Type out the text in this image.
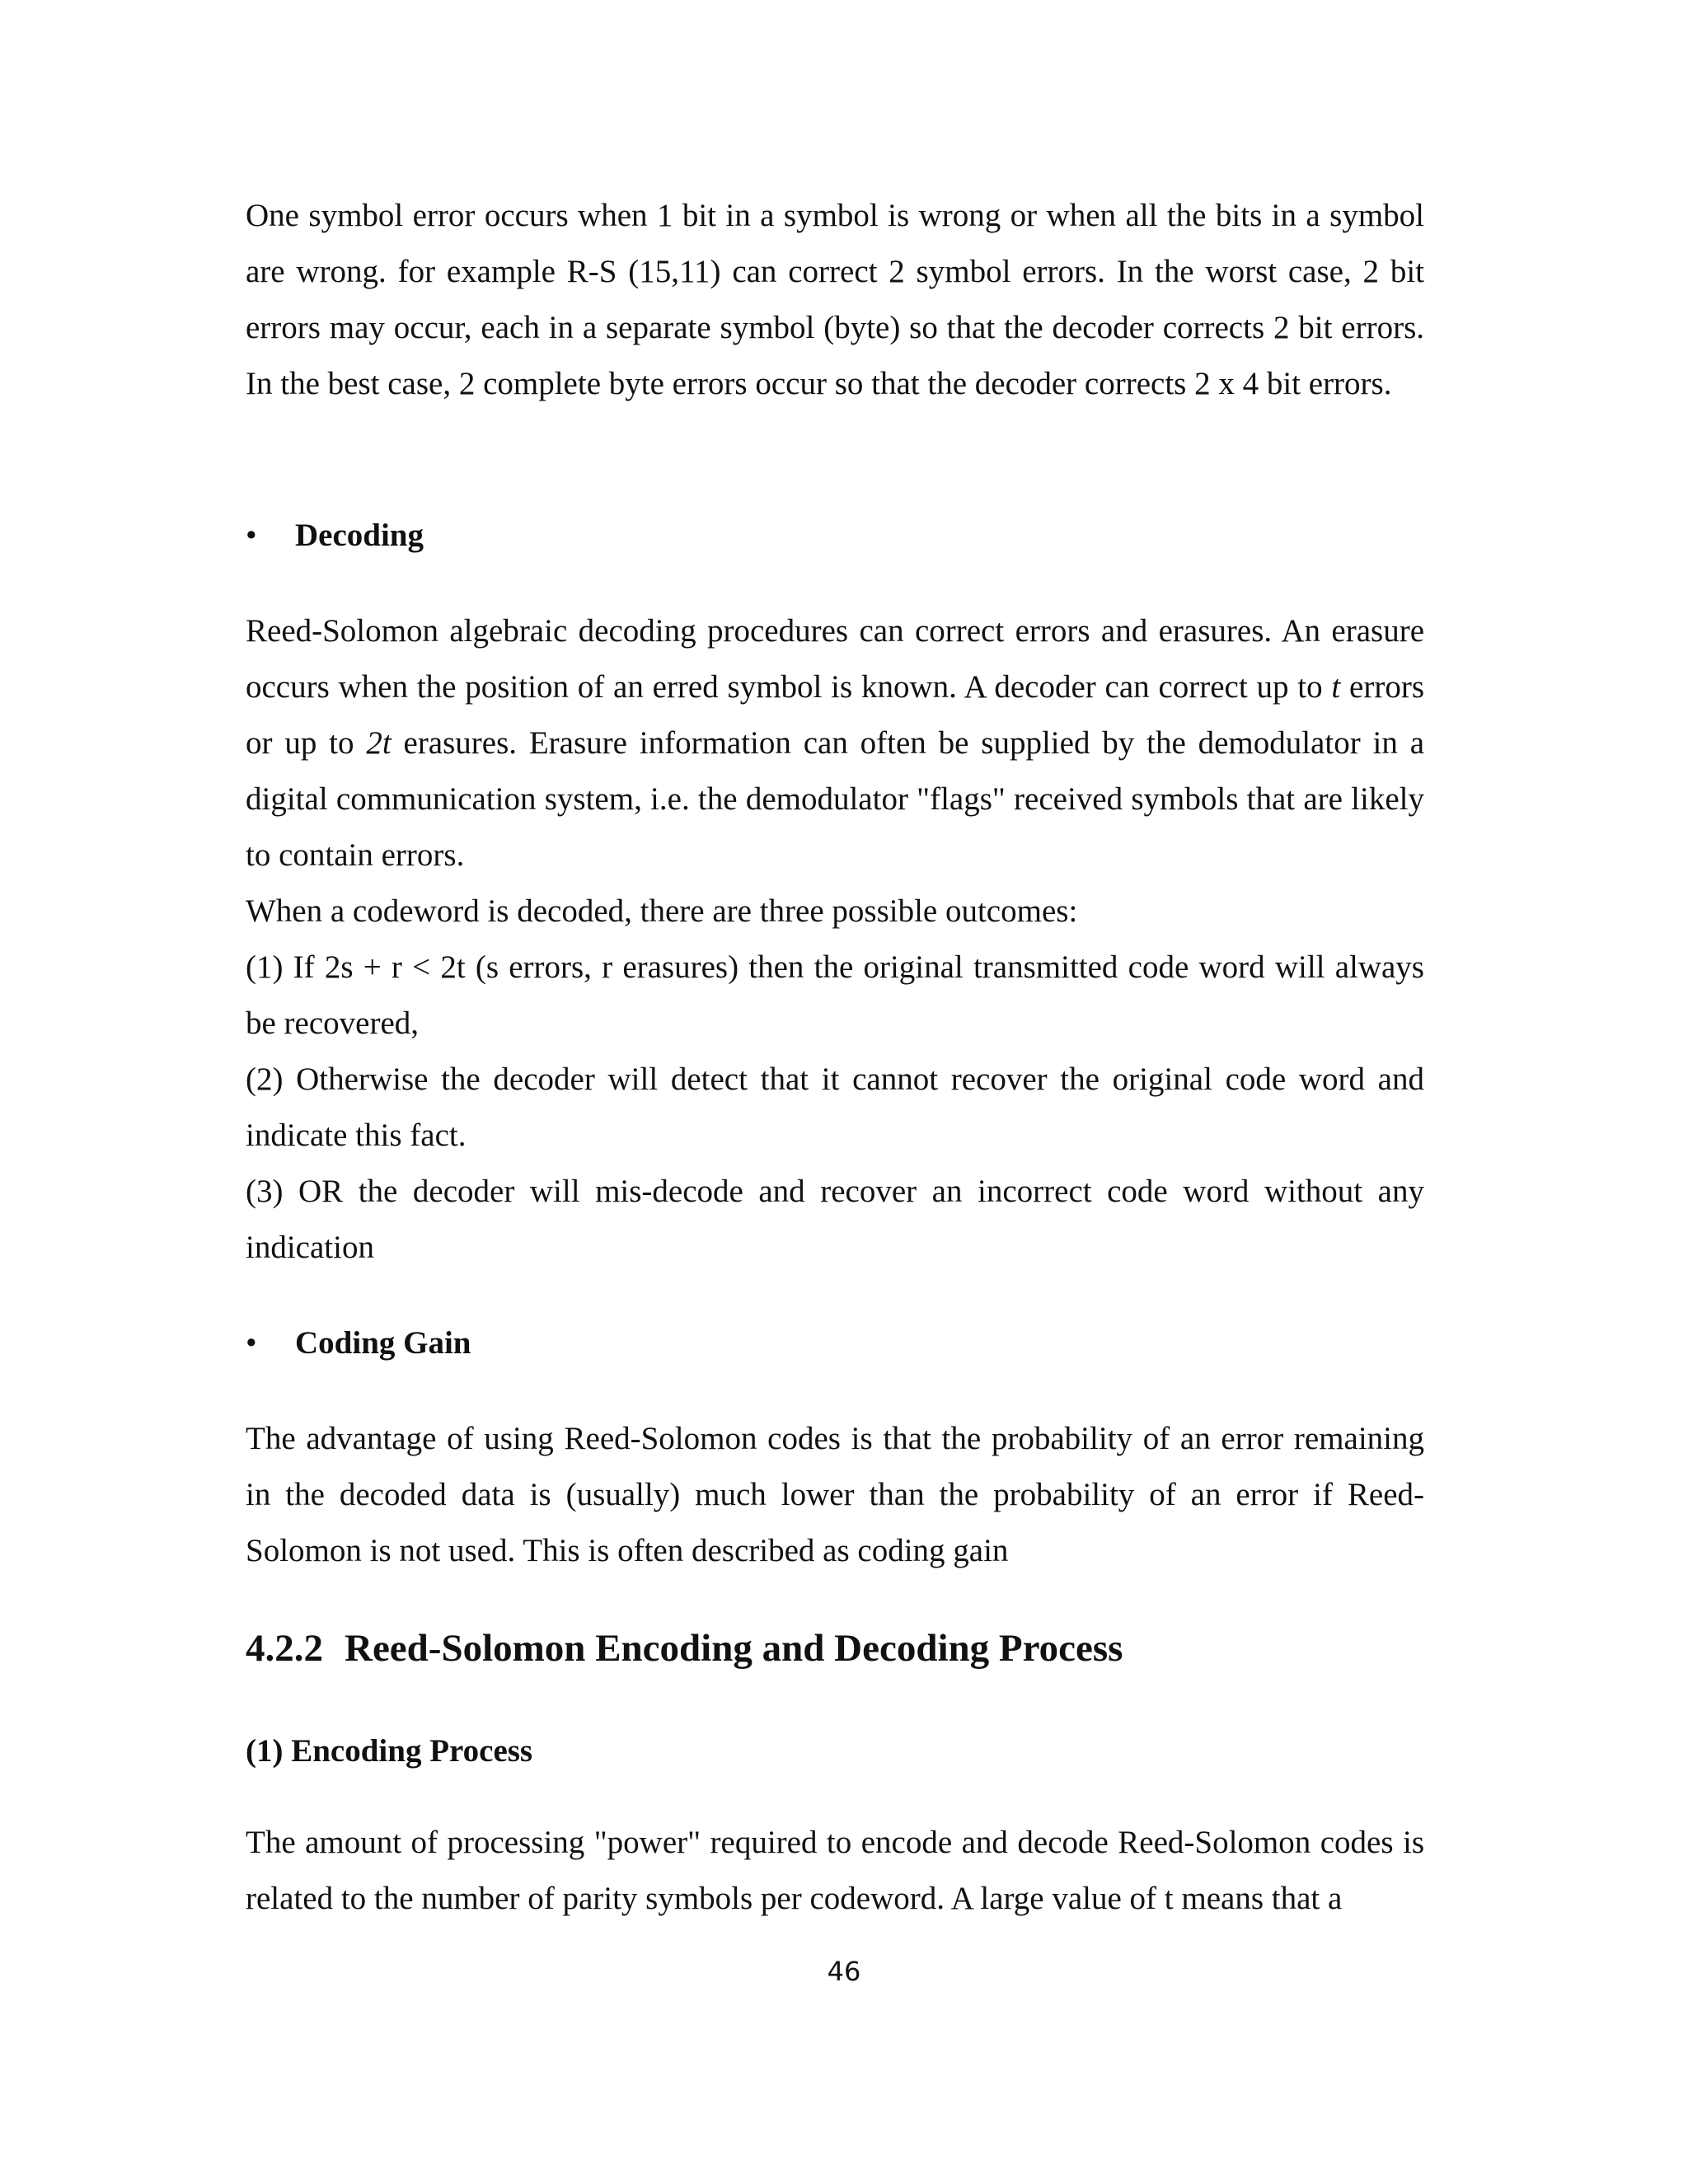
One symbol error occurs when 1 bit in a symbol is wrong or when all the bits in a symbol are wrong. for example R-S (15,11) can correct 2 symbol errors. In the worst case, 2 bit errors may occur, each in a separate symbol (byte) so that the decoder corrects 2 bit errors. In the best case, 2 complete byte errors occur so that the decoder corrects 2 x 4 bit errors.

•	Decoding

Reed-Solomon algebraic decoding procedures can correct errors and erasures. An erasure occurs when the position of an erred symbol is known. A decoder can correct up to t errors or up to 2t erasures. Erasure information can often be supplied by the demodulator in a digital communication system, i.e. the demodulator "flags" received symbols that are likely to contain errors.

When a codeword is decoded, there are three possible outcomes:

(1) If 2s + r < 2t (s errors, r erasures) then the original transmitted code word will always be recovered,

(2) Otherwise the decoder will detect that it cannot recover the original code word and indicate this fact.

(3) OR the decoder will mis-decode and recover an incorrect code word without any indication

•	Coding Gain

The advantage of using Reed-Solomon codes is that the probability of an error remaining in the decoded data is (usually) much lower than the probability of an error if Reed-Solomon is not used. This is often described as coding gain

4.2.2 Reed-Solomon Encoding and Decoding Process
(1) Encoding Process

The amount of processing "power" required to encode and decode Reed-Solomon codes is related to the number of parity symbols per codeword. A large value of t means that a

46
